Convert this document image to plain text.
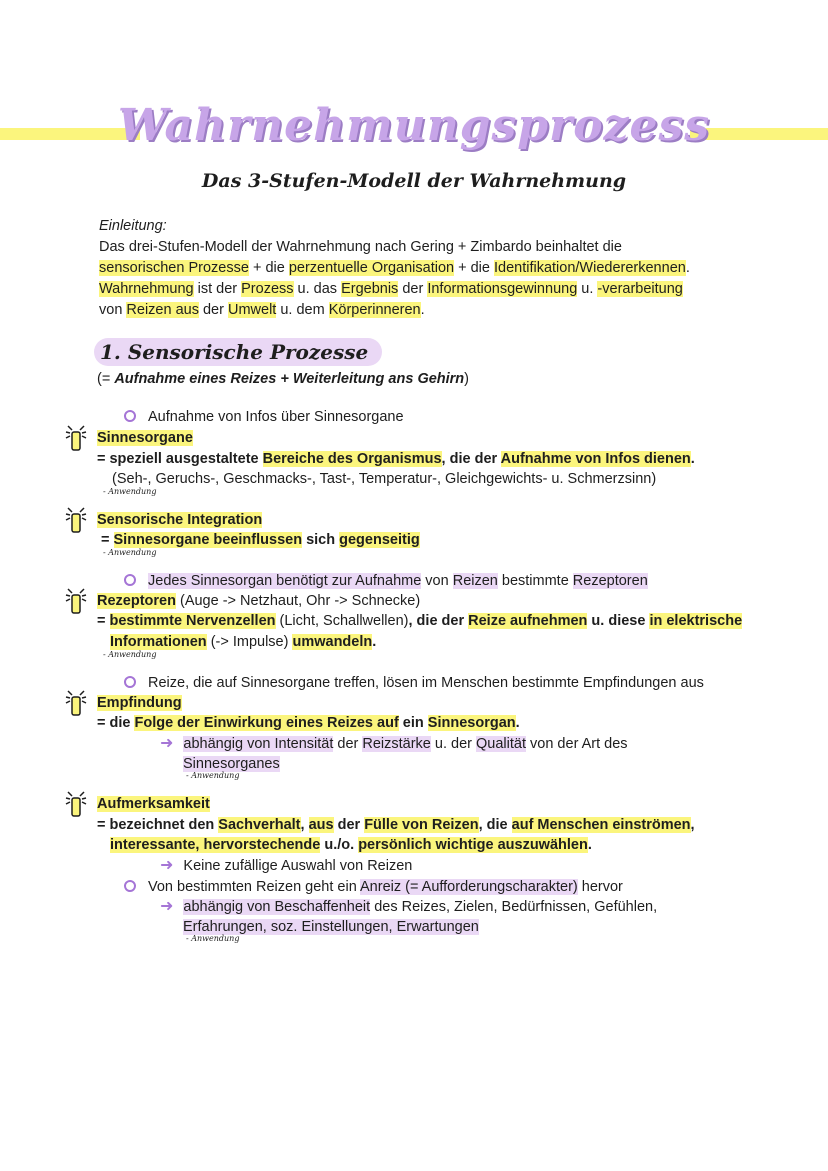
Wahrnehmungsprozess
Das 3-Stufen-Modell der Wahrnehmung
Einleitung:
Das drei-Stufen-Modell der Wahrnehmung nach Gering + Zimbardo beinhaltet die
sensorischen Prozesse + die perzentuelle Organisation + die Identifikation/Wiedererkennen.
Wahrnehmung ist der Prozess u. das Ergebnis der Informationsgewinnung u. -verarbeitung
von Reizen aus der Umwelt u. dem Körperinneren.
1. Sensorische Prozesse
(= Aufnahme eines Reizes + Weiterleitung ans Gehirn)
Aufnahme von Infos über Sinnesorgane
Sinnesorgane
= speziell ausgestaltete Bereiche des Organismus, die der Aufnahme von Infos dienen.
(Seh-, Geruchs-, Geschmacks-, Tast-, Temperatur-, Gleichgewichts- u. Schmerzsinn)
- Anwendung
Sensorische Integration
= Sinnesorgane beeinflussen sich gegenseitig
- Anwendung
Jedes Sinnesorgan benötigt zur Aufnahme von Reizen bestimmte Rezeptoren
Rezeptoren (Auge -> Netzhaut, Ohr -> Schnecke)
= bestimmte Nervenzellen (Licht, Schallwellen), die der Reize aufnehmen u. diese in elektrische
Informationen (-> Impulse) umwandeln.
- Anwendung
Reize, die auf Sinnesorgane treffen, lösen im Menschen bestimmte Empfindungen aus
Empfindung
= die Folge der Einwirkung eines Reizes auf ein Sinnesorgan.
➜ abhängig von Intensität der Reizstärke u. der Qualität von der Art des
Sinnesorganes
- Anwendung
Aufmerksamkeit
= bezeichnet den Sachverhalt, aus der Fülle von Reizen, die auf Menschen einströmen,
interessante, hervorstechende u./o. persönlich wichtige auszuwählen.
➜ Keine zufällige Auswahl von Reizen
Von bestimmten Reizen geht ein Anreiz (= Aufforderungscharakter) hervor
➜ abhängig von Beschaffenheit des Reizes, Zielen, Bedürfnissen, Gefühlen,
Erfahrungen, soz. Einstellungen, Erwartungen
- Anwendung
